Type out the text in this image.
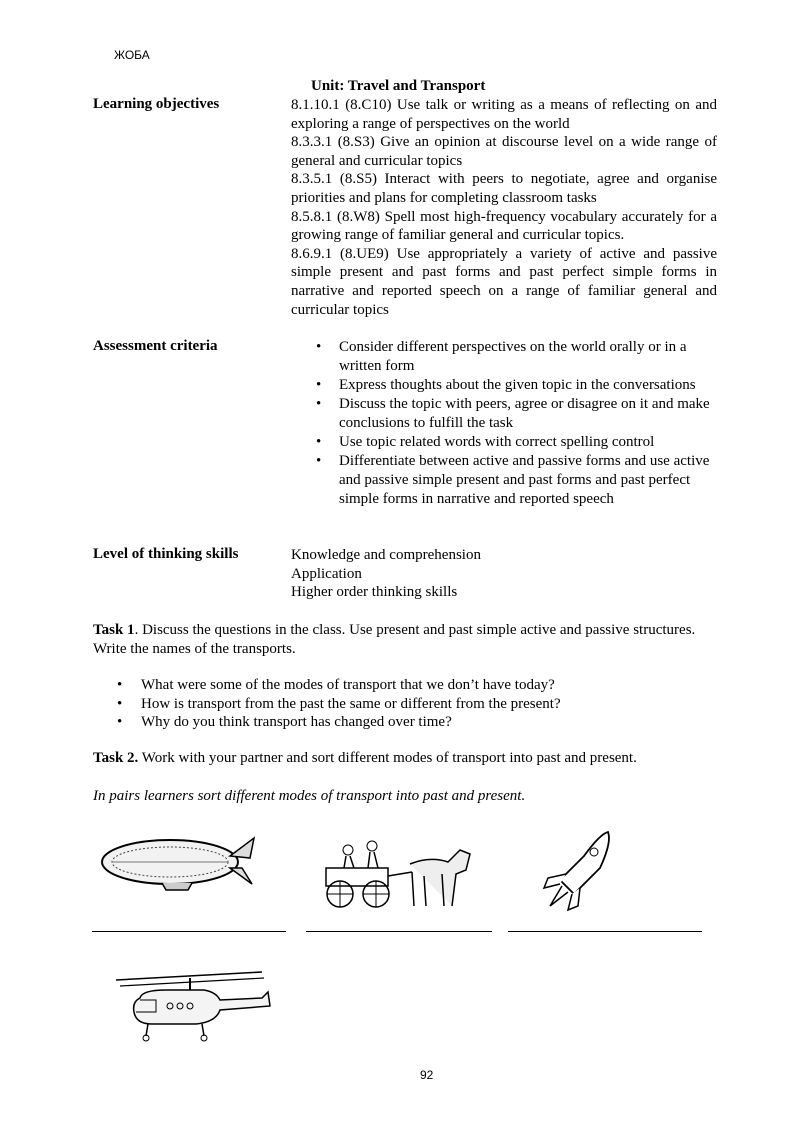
ЖОБА
Unit: Travel and Transport
Learning objectives	8.1.10.1 (8.C10) Use talk or writing as a means of reflecting on and exploring a range of perspectives on the world

8.3.3.1 (8.S3) Give an opinion at discourse level on a wide range of general and curricular topics

8.3.5.1 (8.S5) Interact with peers to negotiate, agree and organise priorities and plans for completing classroom tasks

8.5.8.1 (8.W8) Spell most high-frequency vocabulary accurately for a growing range of familiar general and curricular topics.

8.6.9.1 (8.UE9) Use appropriately a variety of active and passive simple present and past forms and past perfect simple forms in narrative and reported speech on a range of familiar general and curricular topics

Assessment criteria
•	Consider different perspectives on the world orally or in a written form
• Express thoughts about the given topic in the conversations
• Discuss the topic with peers, agree or disagree on it and make conclusions to fulfill the task
• Use topic related words with correct spelling control
• Differentiate between active and passive forms and use active and passive simple present and past forms and past perfect simple forms in narrative and reported speech
Level of thinking skills	Knowledge and comprehension
Application
Higher order thinking skills
Task 1. Discuss the questions in the class. Use present and past simple active and passive structures. Write the names of the transports.
• What were some of the modes of transport that we don’t have today?
• How is transport from the past the same or different from the present?
• Why do you think transport has changed over time?
Task 2. Work with your partner and sort different modes of transport into past and present.
In pairs learners sort different modes of transport into past and present.
92
